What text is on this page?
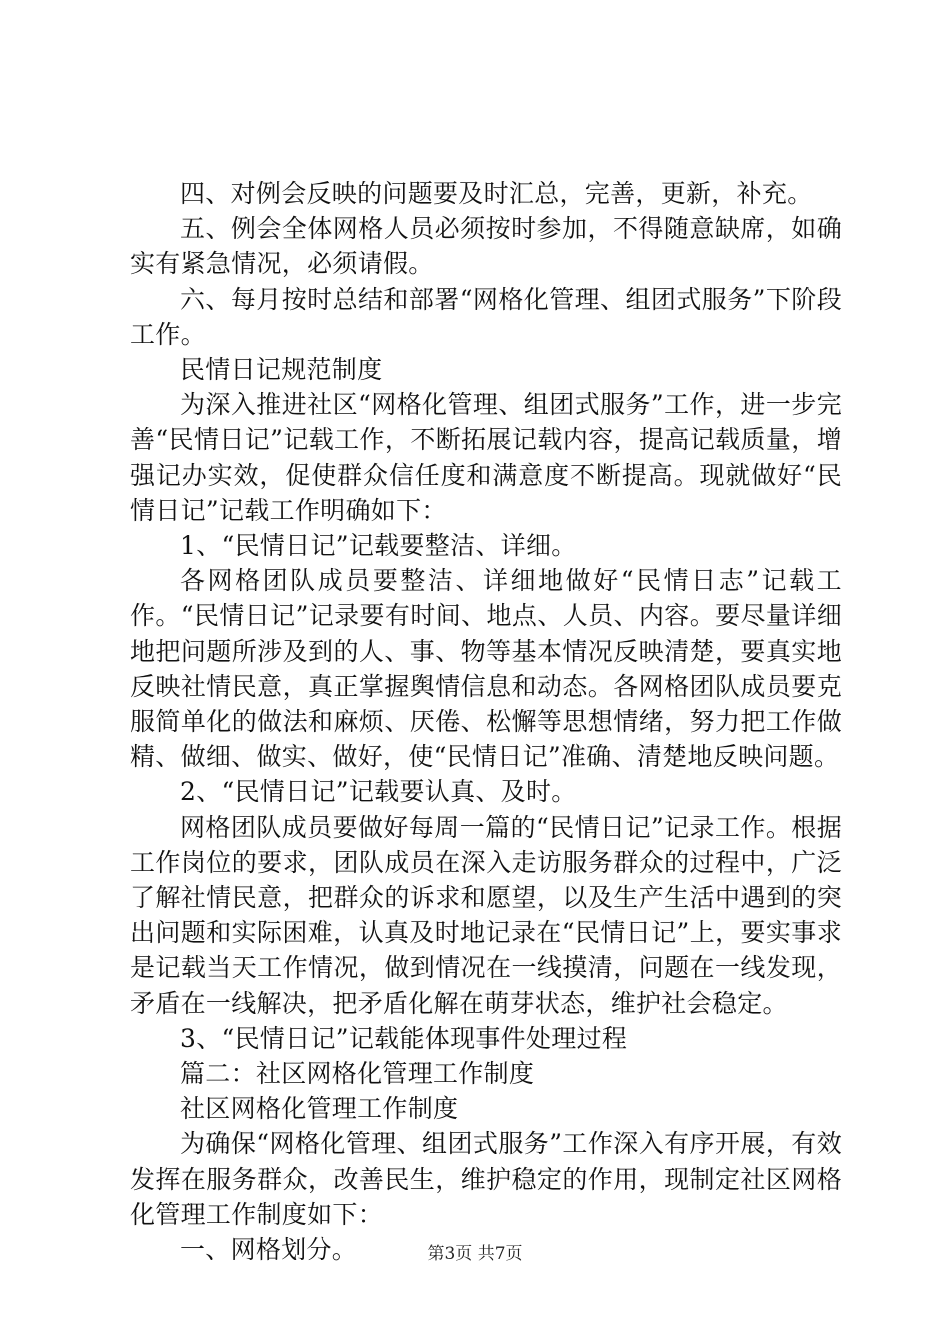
四、对例会反映的问题要及时汇总，完善，更新，补充。

五、例会全体网格人员必须按时参加，不得随意缺席，如确实有紧急情况，必须请假。

六、每月按时总结和部署“网格化管理、组团式服务”下阶段工作。

民情日记规范制度

为深入推进社区“网格化管理、组团式服务”工作，进一步完善“民情日记”记载工作，不断拓展记载内容，提高记载质量，增强记办实效，促使群众信任度和满意度不断提高。现就做好“民情日记”记载工作明确如下：

1、“民情日记”记载要整洁、详细。

各网格团队成员要整洁、详细地做好“民情日志”记载工作。“民情日记”记录要有时间、地点、人员、内容。要尽量详细地把问题所涉及到的人、事、物等基本情况反映清楚，要真实地反映社情民意，真正掌握舆情信息和动态。各网格团队成员要克服简单化的做法和麻烦、厌倦、松懈等思想情绪，努力把工作做精、做细、做实、做好，使“民情日记”准确、清楚地反映问题。

2、“民情日记”记载要认真、及时。

网格团队成员要做好每周一篇的“民情日记”记录工作。根据工作岗位的要求，团队成员在深入走访服务群众的过程中，广泛了解社情民意，把群众的诉求和愿望，以及生产生活中遇到的突出问题和实际困难，认真及时地记录在“民情日记”上，要实事求是记载当天工作情况，做到情况在一线摸清，问题在一线发现，矛盾在一线解决，把矛盾化解在萌芽状态，维护社会稳定。

3、“民情日记”记载能体现事件处理过程

篇二：社区网格化管理工作制度

社区网格化管理工作制度

为确保“网格化管理、组团式服务”工作深入有序开展，有效发挥在服务群众，改善民生，维护稳定的作用，现制定社区网格化管理工作制度如下：

一、网格划分。	第3页 共7页
